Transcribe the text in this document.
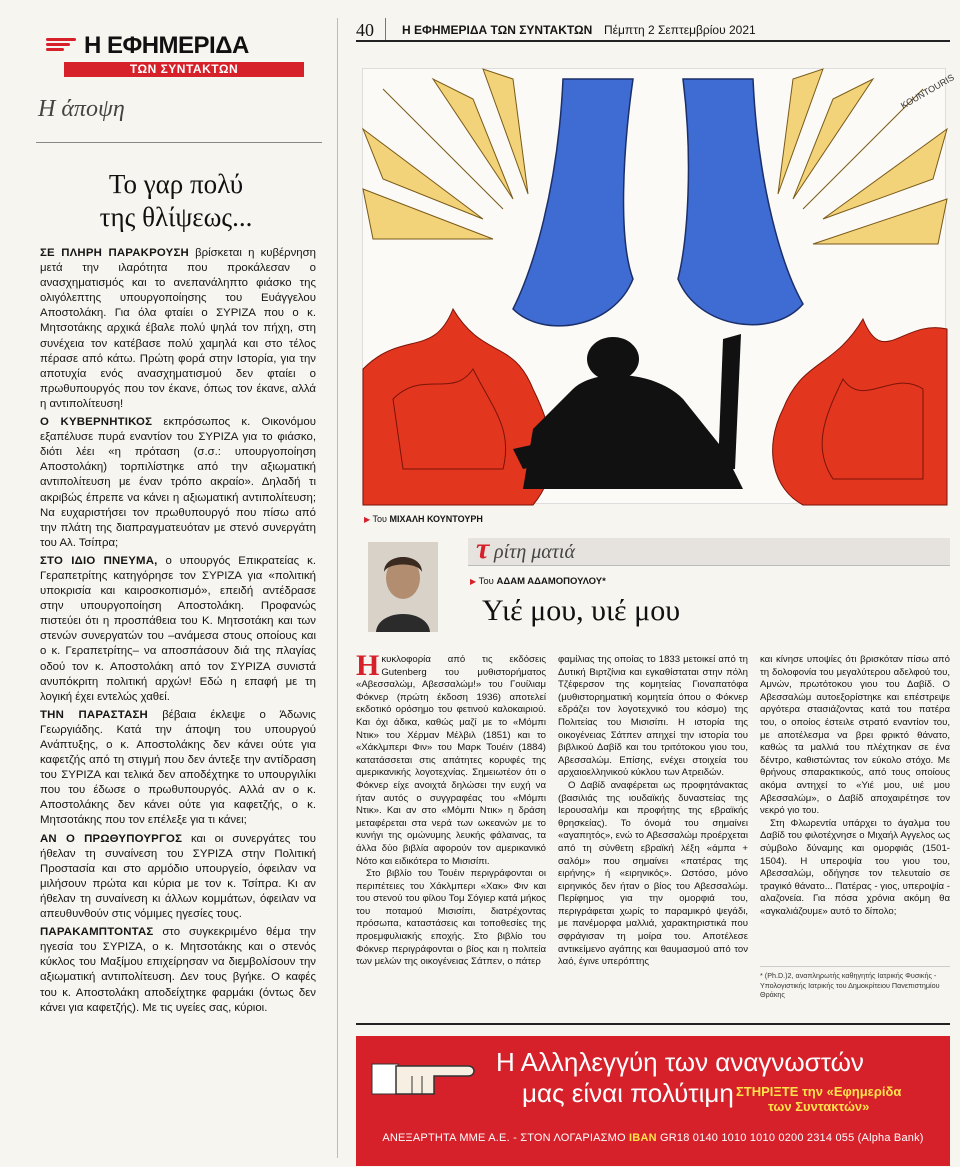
Η ΕΦΗΜΕΡΙΔΑ
ΤΩΝ ΣΥΝΤΑΚΤΩΝ
Η άποψη
Το γαρ πολύ
της θλίψεως...

ΣΕ ΠΛΗΡΗ ΠΑΡΑΚΡΟΥΣΗ βρίσκεται η κυβέρνηση μετά την ιλαρότητα που προκάλεσαν ο ανασχηματισμός και το ανεπανάληπτο φιάσκο της ολιγόλεπτης υπουργοποίησης του Ευάγγελου Αποστολάκη. Για όλα φταίει ο ΣΥΡΙΖΑ που ο κ. Μητσοτάκης αρχικά έβαλε πολύ ψηλά τον πήχη, στη συνέχεια τον κατέβασε πολύ χαμηλά και στο τέλος πέρασε από κάτω. Πρώτη φορά στην Ιστορία, για την αποτυχία ενός ανασχηματισμού δεν φταίει ο πρωθυπουργός που τον έκανε, όπως τον έκανε, αλλά η αντιπολίτευση!

Ο ΚΥΒΕΡΝΗΤΙΚΟΣ εκπρόσωπος κ. Οικονόμου εξαπέλυσε πυρά εναντίον του ΣΥΡΙΖΑ για το φιάσκο, διότι λέει «η πρόταση (σ.σ.: υπουργοποίηση Αποστολάκη) τορπιλίστηκε από την αξιωματική αντιπολίτευση με έναν τρόπο ακραίο». Δηλαδή τι ακριβώς έπρεπε να κάνει η αξιωματική αντιπολίτευση; Να ευχαριστήσει τον πρωθυπουργό που πίσω από την πλάτη της διαπραγματευόταν με στενό συνεργάτη του Αλ. Τσίπρα;

ΣΤΟ ΙΔΙΟ ΠΝΕΥΜΑ, ο υπουργός Επικρατείας κ. Γεραπετρίτης κατηγόρησε τον ΣΥΡΙΖΑ για «πολιτική υποκρισία και καιροσκοπισμό», επειδή αντέδρασε στην υπουργοποίηση Αποστολάκη. Προφανώς πιστεύει ότι η προσπάθεια του Κ. Μητσοτάκη και των στενών συνεργατών του –ανάμεσα στους οποίους και ο κ. Γεραπετρίτης– να αποσπάσουν διά της πλαγίας οδού τον κ. Αποστολάκη από τον ΣΥΡΙΖΑ συνιστά ανυπόκριτη πολιτική αρχών! Εδώ η επαφή με τη λογική έχει εντελώς χαθεί.

ΤΗΝ ΠΑΡΑΣΤΑΣΗ βέβαια έκλεψε ο Άδωνις Γεωργιάδης. Κατά την άποψη του υπουργού Ανάπτυξης, ο κ. Αποστολάκης δεν κάνει ούτε για καφετζής από τη στιγμή που δεν άντεξε την αντίδραση του ΣΥΡΙΖΑ και τελικά δεν αποδέχτηκε το υπουργιλίκι που του έδωσε ο πρωθυπουργός. Αλλά αν ο κ. Αποστολάκης δεν κάνει ούτε για καφετζής, ο κ. Μητσοτάκης που τον επέλεξε για τι κάνει;

ΑΝ Ο ΠΡΩΘΥΠΟΥΡΓΟΣ και οι συνεργάτες του ήθελαν τη συναίνεση του ΣΥΡΙΖΑ στην Πολιτική Προστασία και στο αρμόδιο υπουργείο, όφειλαν να μιλήσουν πρώτα και κύρια με τον κ. Τσίπρα. Κι αν ήθελαν τη συναίνεση κι άλλων κομμάτων, όφειλαν να απευθυνθούν στις νόμιμες ηγεσίες τους.

ΠΑΡΑΚΑΜΠΤΟΝΤΑΣ στο συγκεκριμένο θέμα την ηγεσία του ΣΥΡΙΖΑ, ο κ. Μητσοτάκης και ο στενός κύκλος του Μαξίμου επιχείρησαν να διεμβολίσουν την αξιωματική αντιπολίτευση. Δεν τους βγήκε. Ο καφές του κ. Αποστολάκη αποδείχτηκε φαρμάκι (όντως δεν κάνει για καφετζής). Με τις υγείες σας, κύριοι.

40 Η ΕΦΗΜΕΡΙΔΑ ΤΩΝ ΣΥΝΤΑΚΤΩΝ Πέμπτη 2 Σεπτεμβρίου 2021
KOUNTOURIS
▶ Του ΜΙΧΑΛΗ ΚΟΥΝΤΟΥΡΗ
τ ρίτη ματιά
▶ Του ΑΔΑΜ ΑΔΑΜΟΠΟΥΛΟΥ*
Υιέ μου, υιέ μου

Ηκυκλοφορία από τις εκδόσεις Gutenberg του μυθιστορήματος «Αβεσσαλώμ, Αβεσσαλώμ!» του Γουίλιαμ Φόκνερ (πρώτη έκδοση 1936) αποτελεί εκδοτικό ορόσημο του φετινού καλοκαιριού. Και όχι άδικα, καθώς μαζί με το «Μόμπι Ντικ» του Χέρμαν Μέλβιλ (1851) και το «Χάκλμπερι Φιν» του Μαρκ Τουέιν (1884) κατατάσσεται στις απάτητες κορυφές της αμερικανικής λογοτεχνίας. Σημειωτέον ότι ο Φόκνερ είχε ανοιχτά δηλώσει την ευχή να ήταν αυτός ο συγγραφέας του «Μόμπι Ντικ». Και αν στο «Μόμπι Ντικ» η δράση μεταφέρεται στα νερά των ωκεανών με το κυνήγι της ομώνυμης λευκής φάλαινας, τα άλλα δύο βιβλία αφορούν τον αμερικανικό Νότο και ειδικότερα το Μισισίπι.

Στο βιβλίο του Τουέιν περιγράφονται οι περιπέτειες του Χάκλμπερι «Χακ» Φιν και του στενού του φίλου Τομ Σόγιερ κατά μήκος του ποταμού Μισισίπι, διατρέχοντας πρόσωπα, καταστάσεις και τοποθεσίες της προεμφυλιακής εποχής. Στο βιβλίο του Φόκνερ περιγράφονται ο βίος και η πολιτεία των μελών της οικογένειας Σάτπεν, ο πάτερ

φαμίλιας της οποίας το 1833 μετοικεί από τη Δυτική Βιρτζίνια και εγκαθίσταται στην πόλη Τζέφερσον της κομητείας Γιοναπατόφα (μυθιστορηματική κομητεία όπου ο Φόκνερ εδράζει τον λογοτεχνικό του κόσμο) της Πολιτείας του Μισισίπι. Η ιστορία της οικογένειας Σάτπεν απηχεί την ιστορία του βιβλικού Δαβίδ και του τριτότοκου γιου του, Αβεσσαλώμ. Επίσης, ενέχει στοιχεία του αρχαιοελληνικού κύκλου των Ατρειδών.

Ο Δαβίδ αναφέρεται ως προφητάνακτας (βασιλιάς της ιουδαϊκής δυναστείας της Ιερουσαλήμ και προφήτης της εβραϊκής θρησκείας). Το όνομά του σημαίνει «αγαπητός», ενώ το Αβεσσαλώμ προέρχεται από τη σύνθετη εβραϊκή λέξη «άμπα + σαλόμ» που σημαίνει «πατέρας της ειρήνης» ή «ειρηνικός». Ωστόσο, μόνο ειρηνικός δεν ήταν ο βίος του Αβεσσαλώμ. Περίφημος για την ομορφιά του, περιγράφεται χωρίς το παραμικρό ψεγάδι, με πανέμορφα μαλλιά, χαρακτηριστικά που σφράγισαν τη μοίρα του. Αποτέλεσε αντικείμενο αγάπης και θαυμασμού από τον λαό, έγινε υπερόπτης

και κίνησε υποψίες ότι βρισκόταν πίσω από τη δολοφονία του μεγαλύτερου αδελφού του, Αμνών, πρωτότοκου γιου του Δαβίδ. Ο Αβεσσαλώμ αυτοεξορίστηκε και επέστρεψε αργότερα στασιάζοντας κατά του πατέρα του, ο οποίος έστειλε στρατό εναντίον του, με αποτέλεσμα να βρει φρικτό θάνατο, καθώς τα μαλλιά του πλέχτηκαν σε ένα δέντρο, καθιστώντας τον εύκολο στόχο. Με θρήνους σπαρακτικούς, από τους οποίους ακόμα αντηχεί το «Υιέ μου, υιέ μου Αβεσσαλώμ», ο Δαβίδ αποχαιρέτησε τον νεκρό γιο του.

Στη Φλωρεντία υπάρχει το άγαλμα του Δαβίδ του φιλοτέχνησε ο Μιχαήλ Αγγελος ως σύμβολο δύναμης και ομορφιάς (1501-1504). Η υπεροψία του γιου του, Αβεσσαλώμ, οδήγησε τον τελευταίο σε τραγικό θάνατο... Πατέρας - γιος, υπεροψία - αλαζονεία. Για πόσα χρόνια ακόμη θα «αγκαλιάζουμε» αυτό το δίπολο;

* (Ph.D.)2, αναπληρωτής καθηγητής Ιατρικής Φυσικής - Υπολογιστικής Ιατρικής του Δημοκρίτειου Πανεπιστημίου Θράκης
Η Αλληλεγγύη των αναγνωστών
μας είναι πολύτιμη ΣΤΗΡΙΞΤΕ την «Εφημερίδα
των Συντακτών»
ΑΝΕΞΑΡΤΗΤΑ ΜΜΕ Α.Ε. - ΣΤΟΝ ΛΟΓΑΡΙΑΣΜΟ IBAN GR18 0140 1010 1010 0200 2314 055 (Alpha Bank)
